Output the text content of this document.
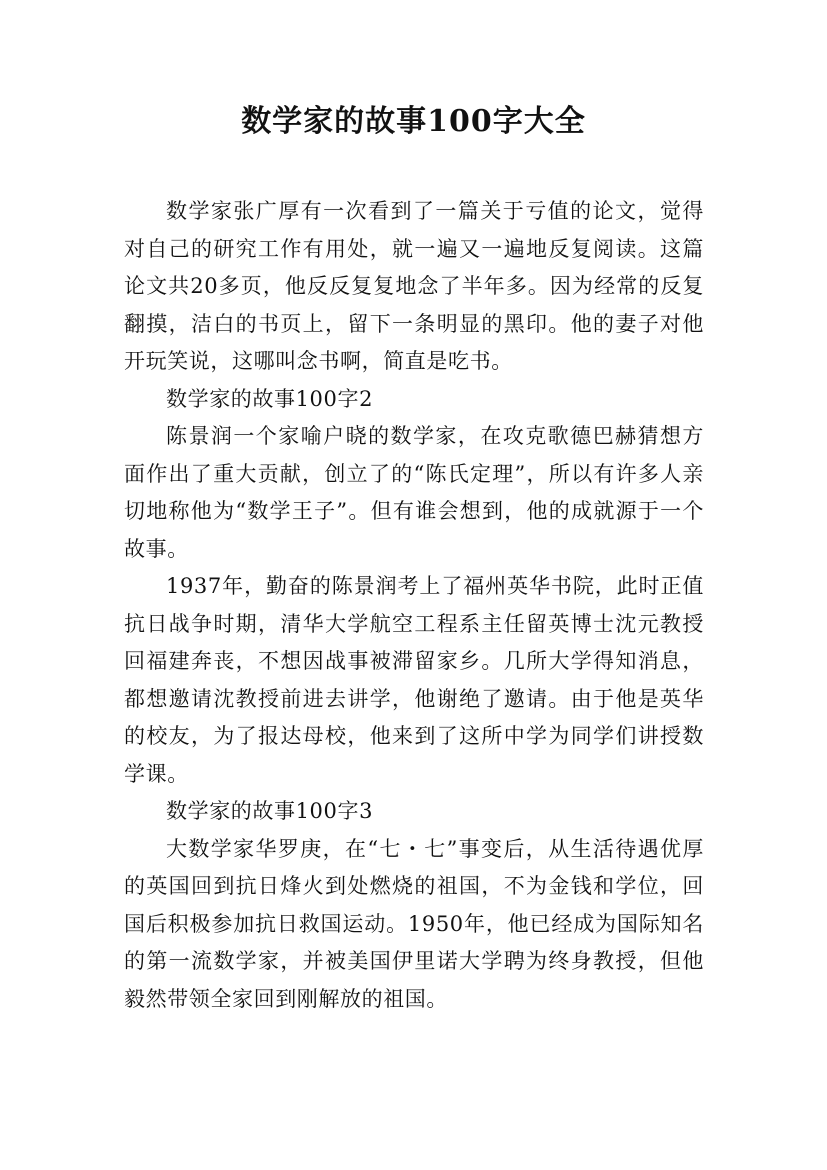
数学家的故事100字大全

数学家张广厚有一次看到了一篇关于亏值的论文，觉得对自己的研究工作有用处，就一遍又一遍地反复阅读。这篇论文共20多页，他反反复复地念了半年多。因为经常的反复翻摸，洁白的书页上，留下一条明显的黑印。他的妻子对他开玩笑说，这哪叫念书啊，简直是吃书。

数学家的故事100字2

陈景润一个家喻户晓的数学家，在攻克歌德巴赫猜想方面作出了重大贡献，创立了的“陈氏定理”，所以有许多人亲切地称他为“数学王子”。但有谁会想到，他的成就源于一个故事。

1937年，勤奋的陈景润考上了福州英华书院，此时正值抗日战争时期，清华大学航空工程系主任留英博士沈元教授回福建奔丧，不想因战事被滞留家乡。几所大学得知消息，都想邀请沈教授前进去讲学，他谢绝了邀请。由于他是英华的校友，为了报达母校，他来到了这所中学为同学们讲授数学课。

数学家的故事100字3

大数学家华罗庚，在“七・七”事变后，从生活待遇优厚的英国回到抗日烽火到处燃烧的祖国，不为金钱和学位，回国后积极参加抗日救国运动。1950年，他已经成为国际知名的第一流数学家，并被美国伊里诺大学聘为终身教授，但他毅然带领全家回到刚解放的祖国。
